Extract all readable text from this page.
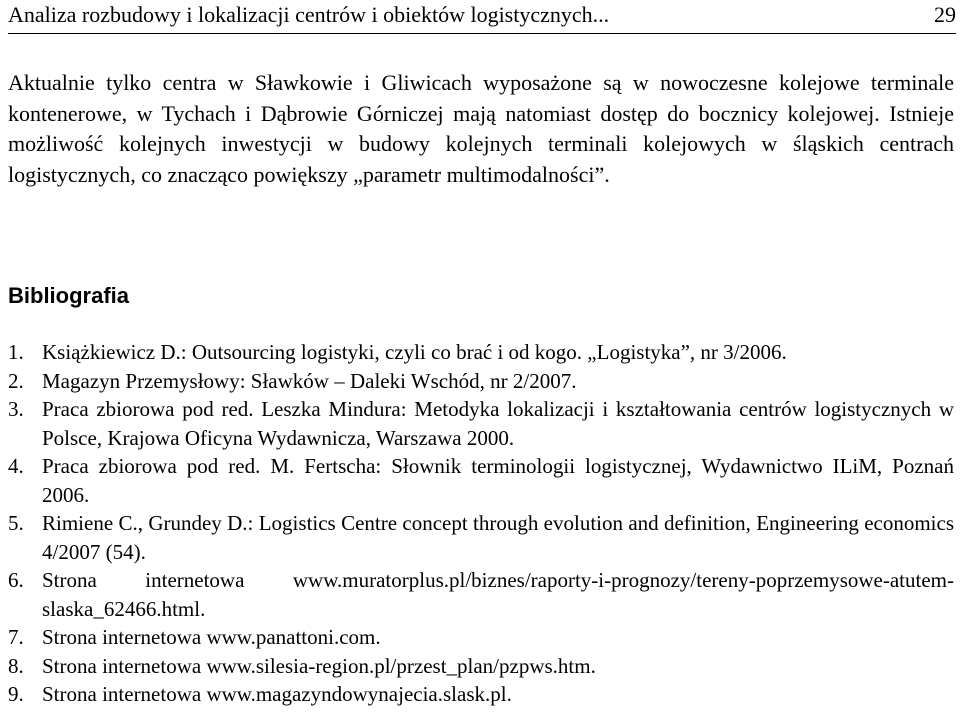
Analiza rozbudowy i lokalizacji centrów i obiektów logistycznych...	29
Aktualnie tylko centra w Sławkowie i Gliwicach wyposażone są w nowoczesne kolejowe terminale kontenerowe, w Tychach i Dąbrowie Górniczej mają natomiast dostęp do bocznicy kolejowej. Istnieje możliwość kolejnych inwestycji w budowy kolejnych terminali kolejowych w śląskich centrach logistycznych, co znacząco powiększy „parametr multimodalności”.
Bibliografia
1. Książkiewicz D.: Outsourcing logistyki, czyli co brać i od kogo. „Logistyka”, nr 3/2006.
2. Magazyn Przemysłowy: Sławków – Daleki Wschód, nr 2/2007.
3. Praca zbiorowa pod red. Leszka Mindura: Metodyka lokalizacji i kształtowania centrów logistycznych w Polsce, Krajowa Oficyna Wydawnicza, Warszawa 2000.
4. Praca zbiorowa pod red. M. Fertscha: Słownik terminologii logistycznej, Wydawnictwo ILiM, Poznań 2006.
5. Rimiene C., Grundey D.: Logistics Centre concept through evolution and definition, Engineering economics 4/2007 (54).
6. Strona internetowa www.muratorplus.pl/biznes/raporty-i-prognozy/tereny-poprzemysowe-atutem-slaska_62466.html.
7. Strona internetowa www.panattoni.com.
8. Strona internetowa www.silesia-region.pl/przest_plan/pzpws.htm.
9. Strona internetowa www.magazyndowynajecia.slask.pl.
